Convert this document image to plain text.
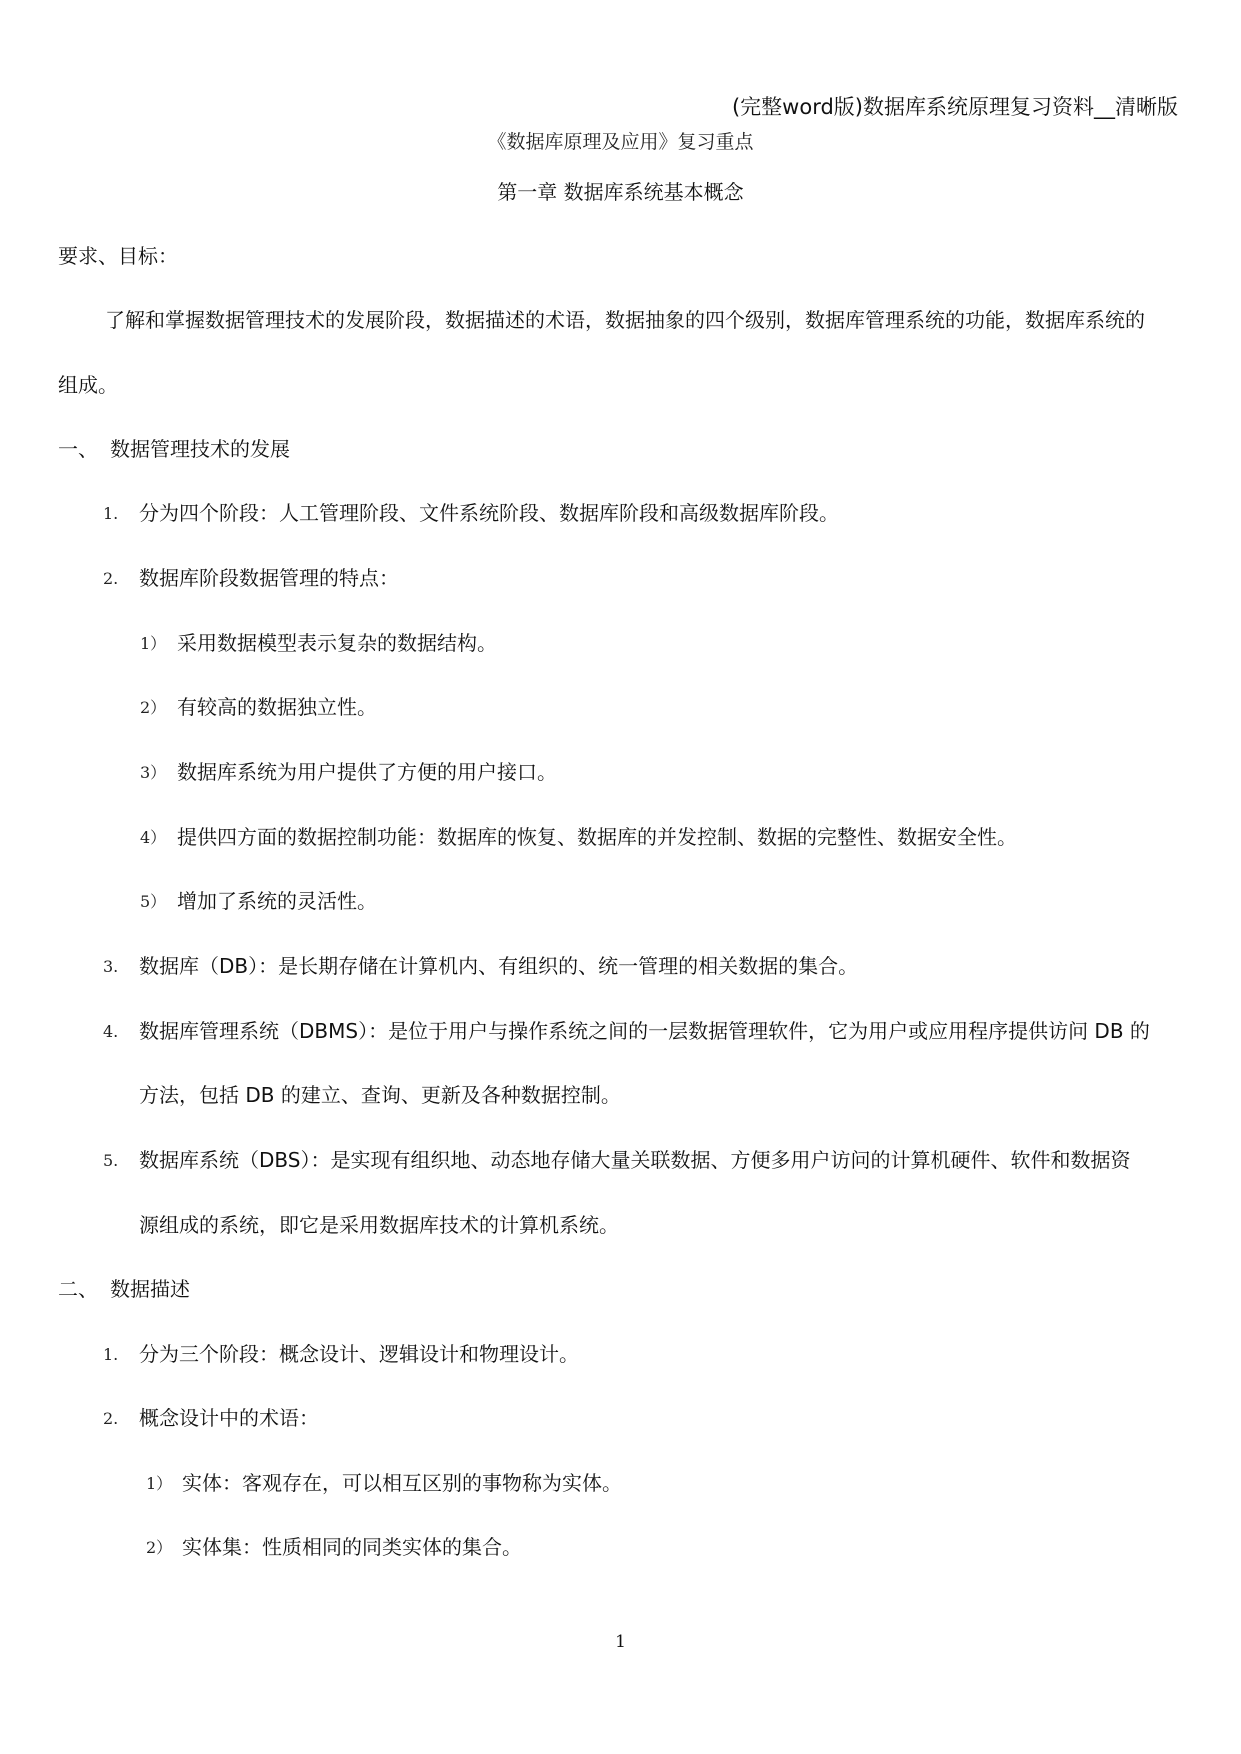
(完整word版)数据库系统原理复习资料__清晰版
《数据库原理及应用》复习重点
第一章 数据库系统基本概念
要求、目标：
了解和掌握数据管理技术的发展阶段，数据描述的术语，数据抽象的四个级别，数据库管理系统的功能，数据库系统的
组成。
一、 数据管理技术的发展
1. 分为四个阶段：人工管理阶段、文件系统阶段、数据库阶段和高级数据库阶段。
2. 数据库阶段数据管理的特点：
1） 采用数据模型表示复杂的数据结构。
2） 有较高的数据独立性。
3） 数据库系统为用户提供了方便的用户接口。
4） 提供四方面的数据控制功能：数据库的恢复、数据库的并发控制、数据的完整性、数据安全性。
5） 增加了系统的灵活性。
3. 数据库（DB）：是长期存储在计算机内、有组织的、统一管理的相关数据的集合。
4. 数据库管理系统（DBMS）：是位于用户与操作系统之间的一层数据管理软件，它为用户或应用程序提供访问 DB 的
方法，包括 DB 的建立、查询、更新及各种数据控制。
5. 数据库系统（DBS）：是实现有组织地、动态地存储大量关联数据、方便多用户访问的计算机硬件、软件和数据资
源组成的系统，即它是采用数据库技术的计算机系统。
二、 数据描述
1. 分为三个阶段：概念设计、逻辑设计和物理设计。
2. 概念设计中的术语：
1） 实体：客观存在，可以相互区别的事物称为实体。
2） 实体集：性质相同的同类实体的集合。
1
